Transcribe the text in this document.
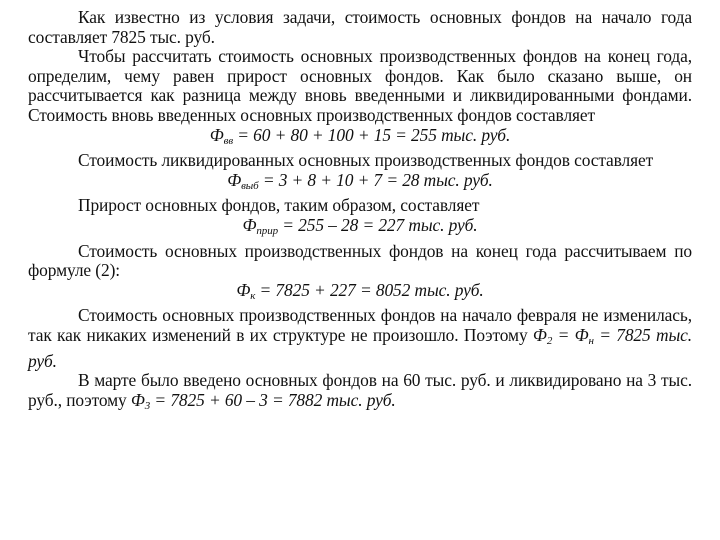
Как известно из условия задачи, стоимость основных фондов на начало года составляет 7825 тыс. руб.

Чтобы рассчитать стоимость основных производственных фондов на конец года, определим, чему равен прирост основных фондов. Как было сказано выше, он рассчитывается как разница между вновь введенными и ликвидированными фондами. Стоимость вновь введенных основных производственных фондов составляет

$Ф_{вв} = 60 + 80 + 100 + 15 = 255$ тыс. руб.

Стоимость ликвидированных основных производственных фондов составляет

$Ф_{выб} = 3 + 8 + 10 + 7 = 28$ тыс. руб.

Прирост основных фондов, таким образом, составляет

$Ф_{прир} = 255 - 28 = 227$ тыс. руб.

Стоимость основных производственных фондов на конец года рассчитываем по формуле (2):

$Ф_к = 7825 + 227 = 8052$ тыс. руб.

Стоимость основных производственных фондов на начало февраля не изменилась, так как никаких изменений в их структуре не произошло. Поэтому $Ф_2 = Ф_н = 7825$ тыс. руб.

В марте было введено основных фондов на 60 тыс. руб. и ликвидировано на 3 тыс. руб., поэтому $Ф_3 = 7825 + 60 - 3 = 7882$ тыс. руб.
